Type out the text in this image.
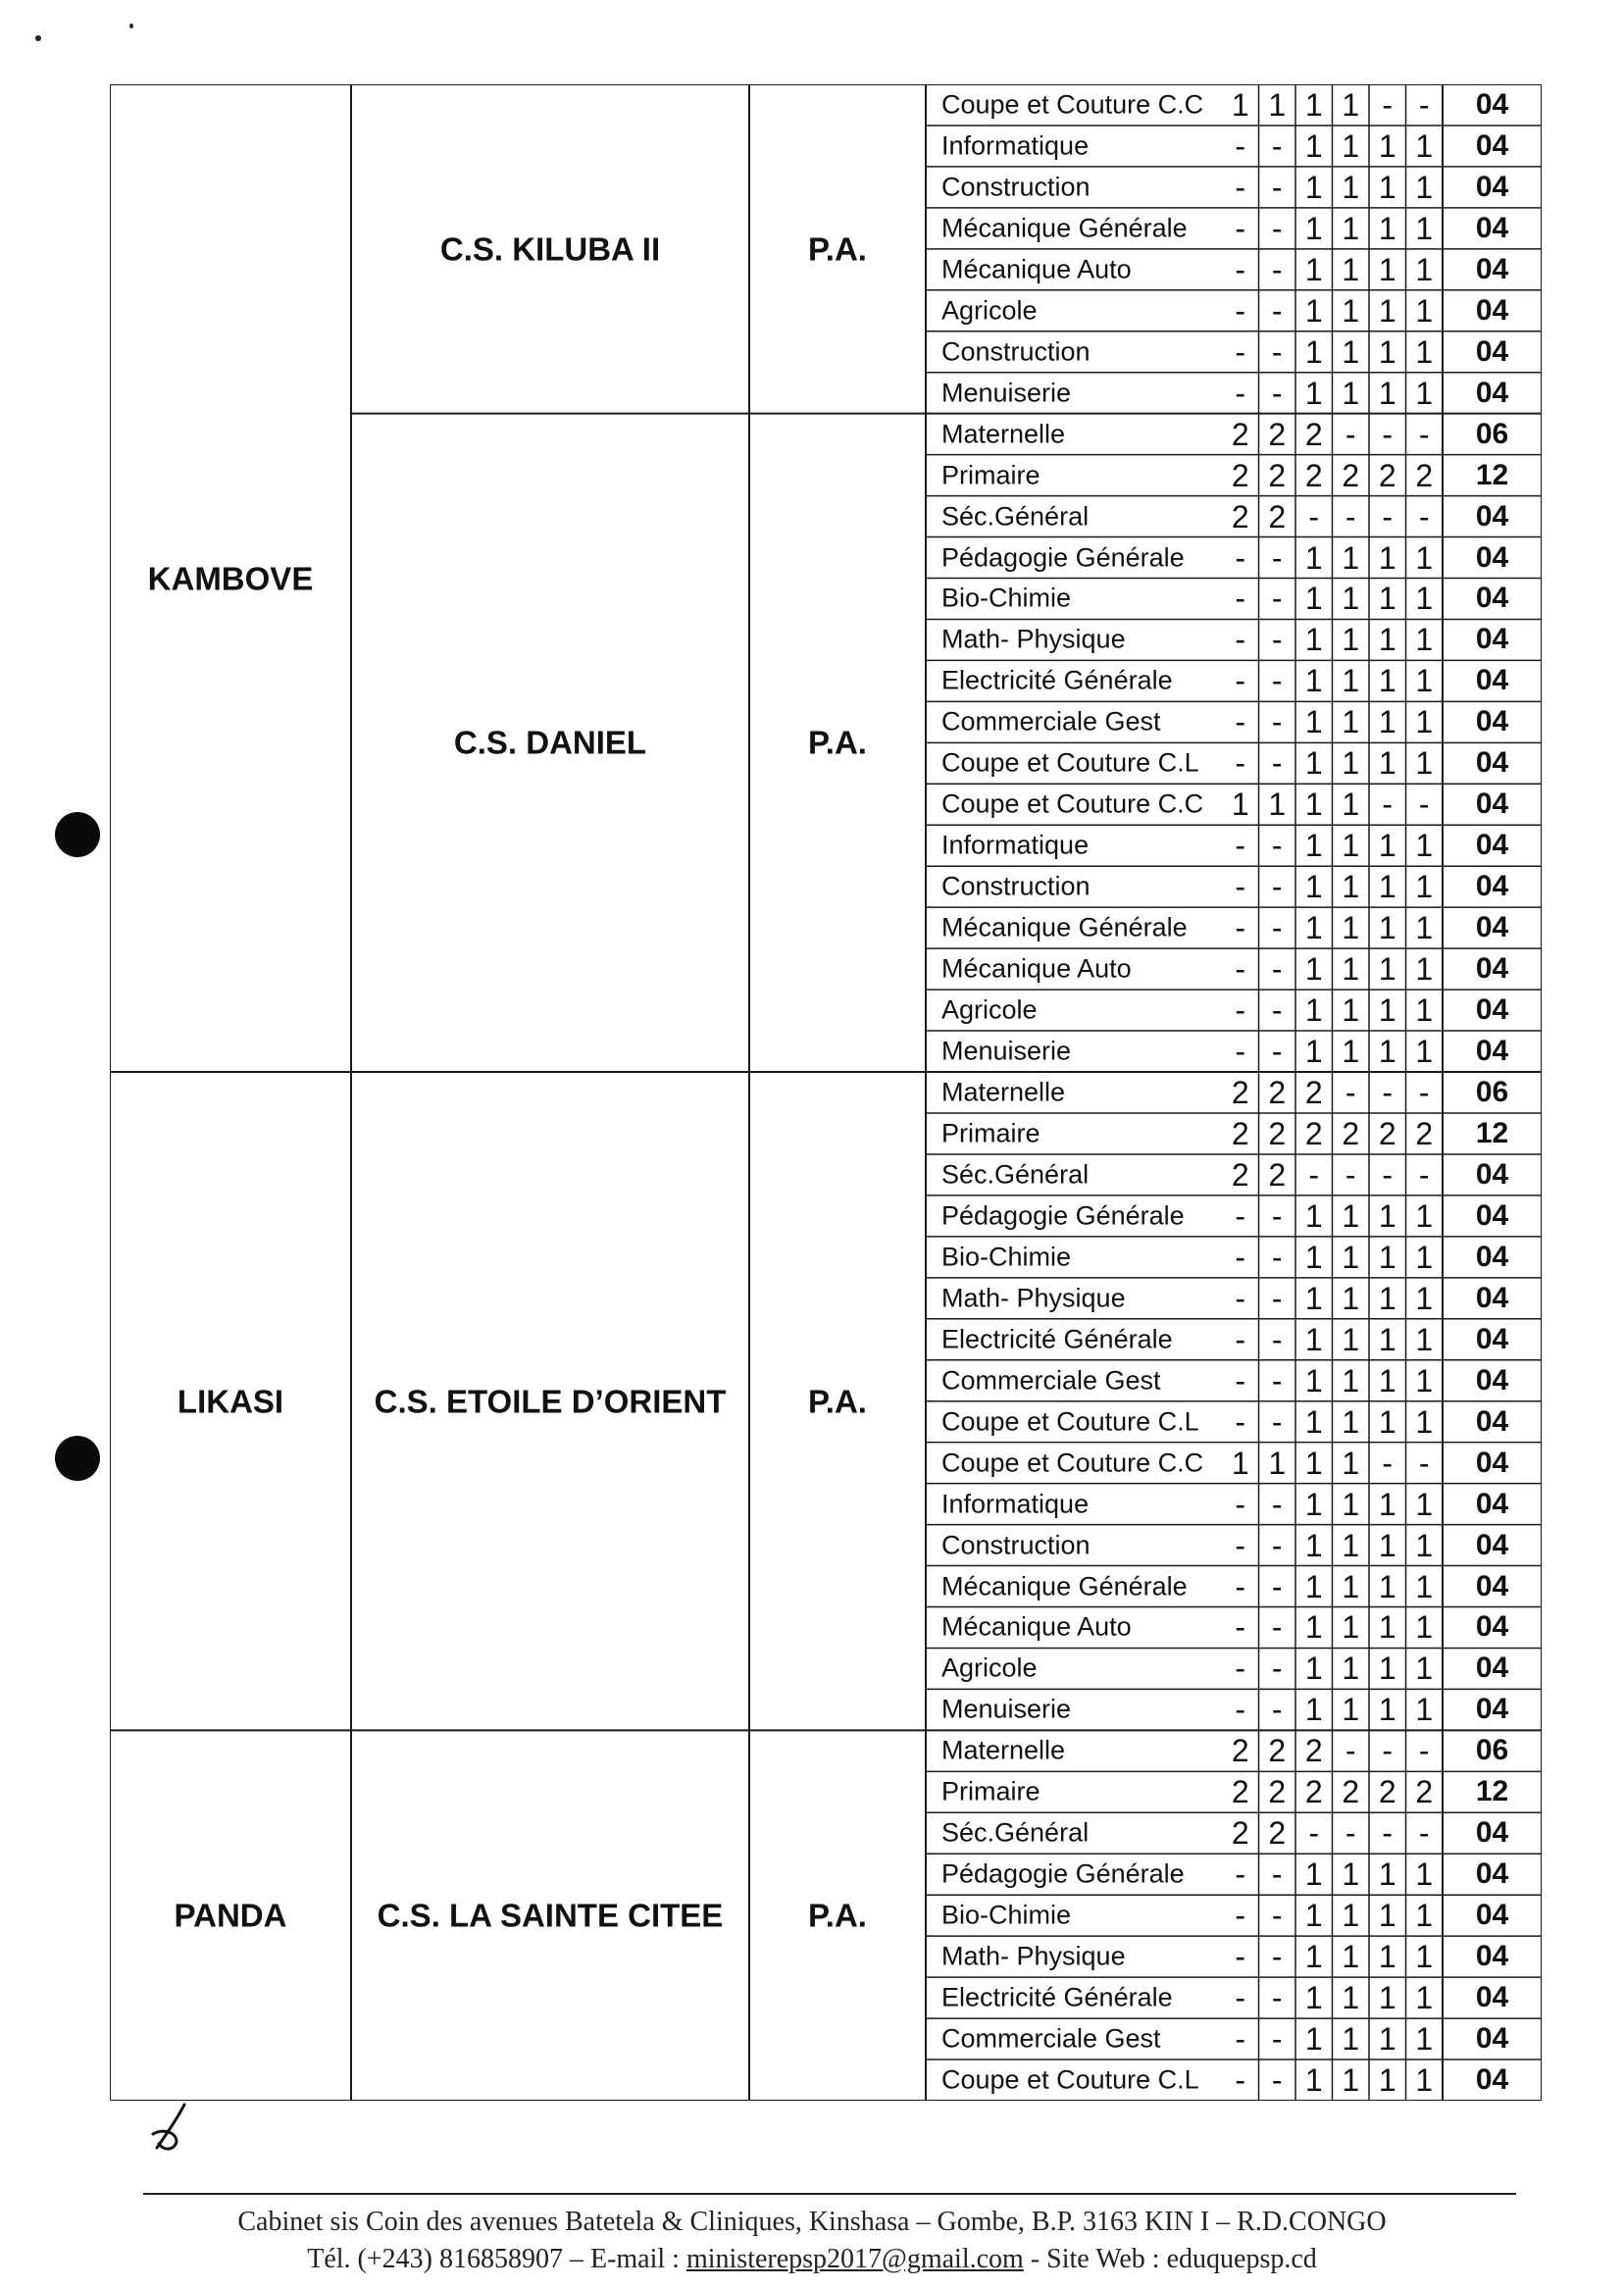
Coupe et Couture C.C 1 1 1 1 - - 04
Informatique	- - 1 1 1 1 04
Construction	- - 1 1 1 1 04
Mécanique Générale - - 1 1 1 1 04
Mécanique Auto	- - 1 1 1 1 04
Agricole	- - 1 1 1 1 04
Construction	- - 1 1 1 1 04
Menuiserie	- - 1 1 1 1 04
C.S. KILUBA II	P.A.
Maternelle	2 2 2 - - - 06
Primaire	2 2 2 2 2 2 12
Séc.Général	2 2 - - - - 04
Pédagogie Générale - - 1 1 1 1 04
Bio-Chimie	- - 1 1 1 1 04
Math- Physique	- - 1 1 1 1 04
Electricité Générale - - 1 1 1 1 04
Commerciale Gest - - 1 1 1 1 04
Coupe et Couture C.L - - 1 1 1 1 04
Coupe et Couture C.C 1 1 1 1 - - 04
Informatique	- - 1 1 1 1 04
Construction	- - 1 1 1 1 04
Mécanique Générale - - 1 1 1 1 04
Mécanique Auto	- - 1 1 1 1 04
Agricole	- - 1 1 1 1 04
Menuiserie	- - 1 1 1 1 04
C.S. DANIEL	P.A.
KAMBOVE
Maternelle	2 2 2 - - - 06
Primaire	2 2 2 2 2 2 12
Séc.Général	2 2 - - - - 04
Pédagogie Générale - - 1 1 1 1 04
Bio-Chimie	- - 1 1 1 1 04
Math- Physique	- - 1 1 1 1 04
Electricité Générale - - 1 1 1 1 04
Commerciale Gest - - 1 1 1 1 04
Coupe et Couture C.L - - 1 1 1 1 04
Coupe et Couture C.C 1 1 1 1 - - 04
Informatique	- - 1 1 1 1 04
Construction	- - 1 1 1 1 04
Mécanique Générale - - 1 1 1 1 04
Mécanique Auto	- - 1 1 1 1 04
Agricole	- - 1 1 1 1 04
Menuiserie	- - 1 1 1 1 04
C.S. ETOILE D’ORIENT	P.A.
LIKASI
Maternelle	2 2 2 - - - 06
Primaire	2 2 2 2 2 2 12
Séc.Général	2 2 - - - - 04
Pédagogie Générale - - 1 1 1 1 04
Bio-Chimie	- - 1 1 1 1 04
Math- Physique	- - 1 1 1 1 04
Electricité Générale - - 1 1 1 1 04
Commerciale Gest - - 1 1 1 1 04
Coupe et Couture C.L - - 1 1 1 1 04
C.S. LA SAINTE CITEE	P.A.
PANDA
Cabinet sis Coin des avenues Batetela & Cliniques, Kinshasa – Gombe, B.P. 3163 KIN I – R.D.CONGO
Tél. (+243) 816858907 – E-mail : ministerepsp2017@gmail.com - Site Web : eduquepsp.cd
